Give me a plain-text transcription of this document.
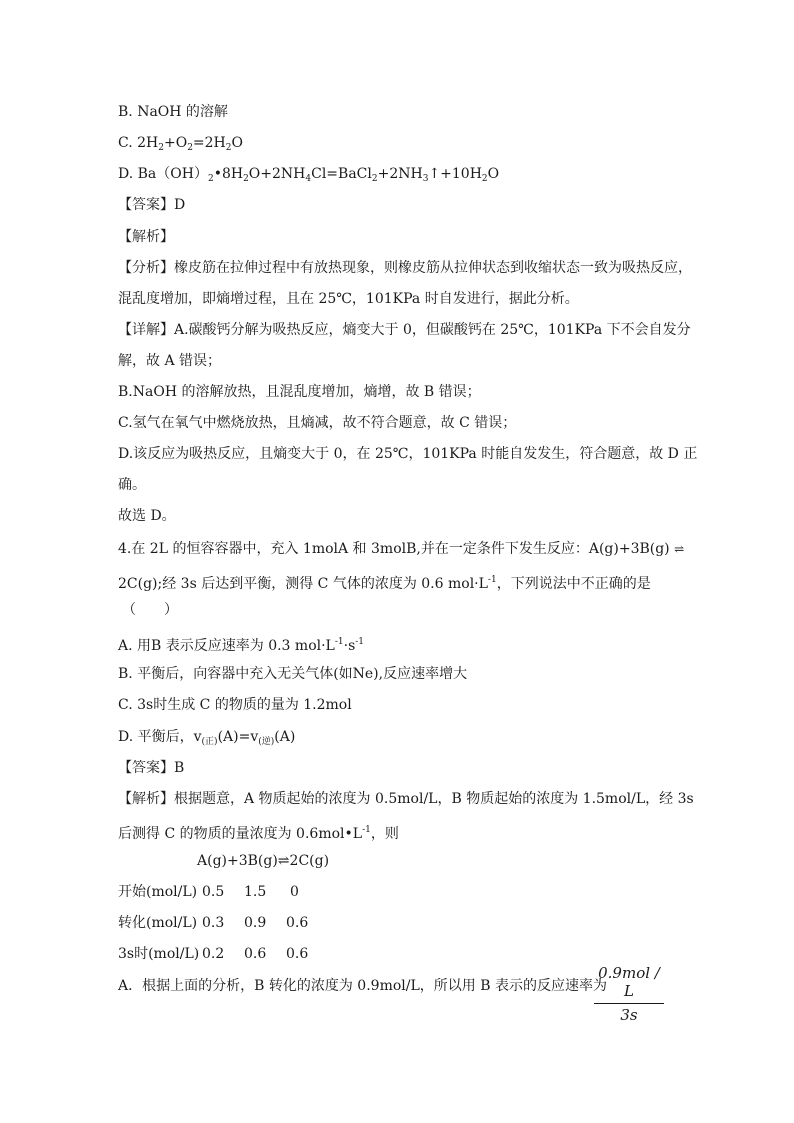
B. NaOH 的溶解
C. $2H_2+O_2=2H_2O$
D. $Ba(OH)_2•8H_2O+2NH_4Cl=BaCl_2+2NH_3↑+10H_2O$
【答案】D
【解析】
【分析】橡皮筋在拉伸过程中有放热现象，则橡皮筋从拉伸状态到收缩状态一致为吸热反应，
混乱度增加，即熵增过程，且在 25℃，101KPa 时自发进行，据此分析。
【详解】A.碳酸钙分解为吸热反应，熵变大于 0，但碳酸钙在 25℃，101KPa 下不会自发分
解，故 A 错误；
B.NaOH 的溶解放热，且混乱度增加，熵增，故 B 错误；
C.氢气在氧气中燃烧放热，且熵减，故不符合题意，故 C 错误；
D.该反应为吸热反应，且熵变大于 0，在 25℃，101KPa 时能自发发生，符合题意，故 D 正
确。
故选 D。
4.在 2L 的恒容容器中，充入 1molA 和 3molB,并在一定条件下发生反应：A(g)+3B(g) ⇌
2C(g);经 3s 后达到平衡，测得 C 气体的浓度为 0.6 $mol\cdot L^{-1}$，下列说法中不正确的是
（　　）
A. 用B 表示反应速率为 0.3 $mol\cdot L^{-1}\cdot s^{-1}$
B. 平衡后，向容器中充入无关气体(如Ne),反应速率增大
C. 3s时生成 C 的物质的量为 1.2mol
D. 平衡后，$v_{(正)}(A)=v_{(逆)}(A)$
【答案】B
【解析】根据题意，A 物质起始的浓度为 0.5mol/L，B 物质起始的浓度为 1.5mol/L，经 3s
后测得 C 的物质的量浓度为 $0.6mol•L^{-1}$，则
A(g)+3B(g)⇌2C(g)
开始(mol/L) 0.5 1.5 0
转化(mol/L) 0.3 0.9 0.6
3s时(mol/L) 0.2 0.6 0.6
A．根据上面的分析，B 转化的浓度为 0.9mol/L，所以用 B 表示的反应速率为
0.9mol / L
3s
